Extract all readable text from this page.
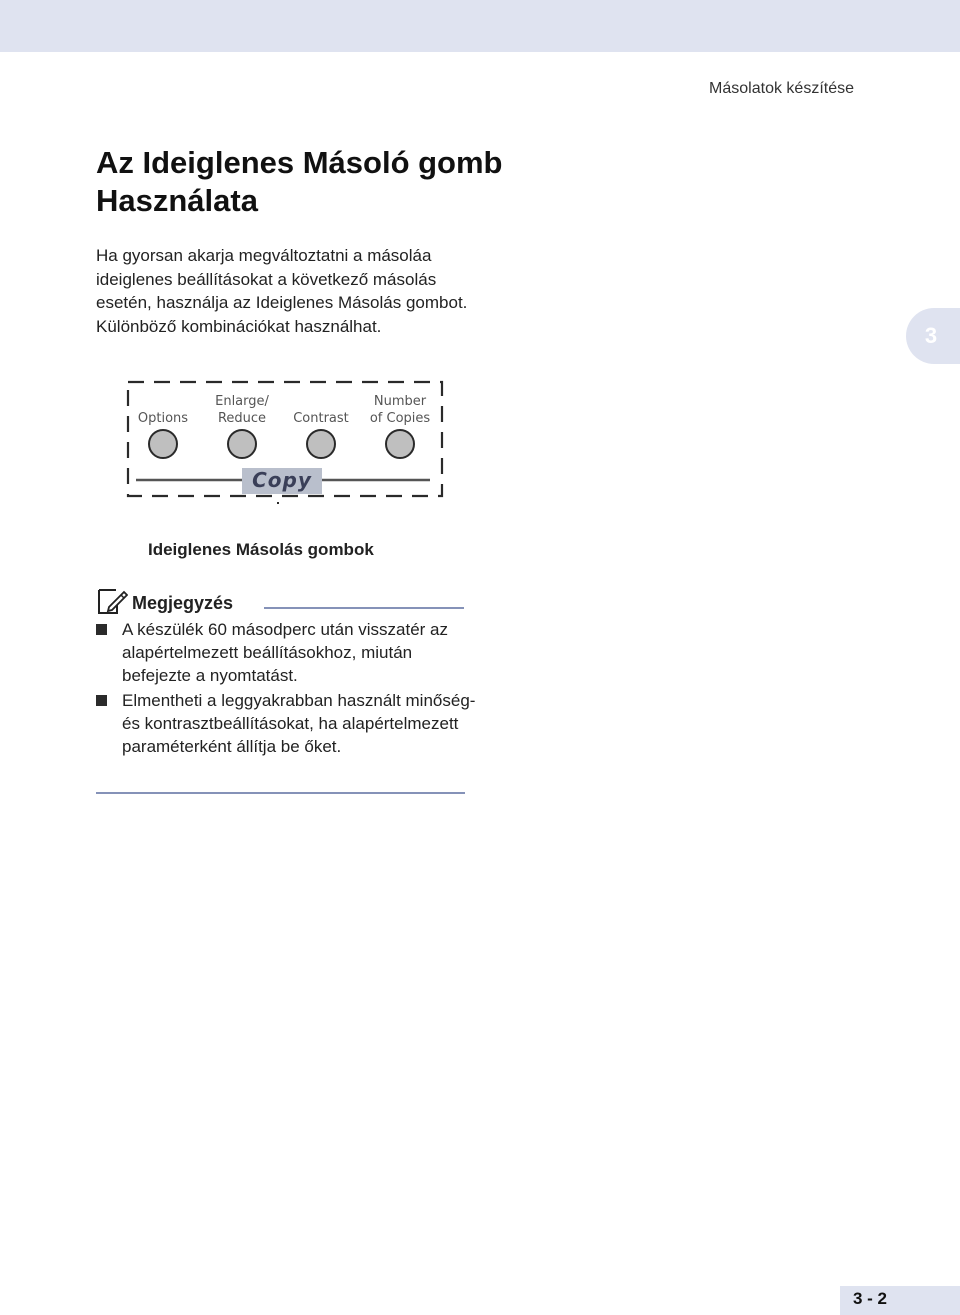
Másolatok készítése
Az Ideiglenes Másoló gomb Használata

Ha gyorsan akarja megváltoztatni a másoláa ideiglenes beállításokat a következő másolás esetén, használja az Ideiglenes Másolás gombot. Különböző kombinációkat használhat.	3
Options
Enlarge/
Reduce Contrast
Number
of Copies
Copy
Ideiglenes Másolás gombok
Megjegyzés
A készülék 60 másodperc után visszatér az alapértelmezett beállításokhoz, miután befejezte a nyomtatást.
Elmentheti a leggyakrabban használt minőség- és kontrasztbeállításokat, ha alapértelmezett paraméterként állítja be őket.
3 - 2
